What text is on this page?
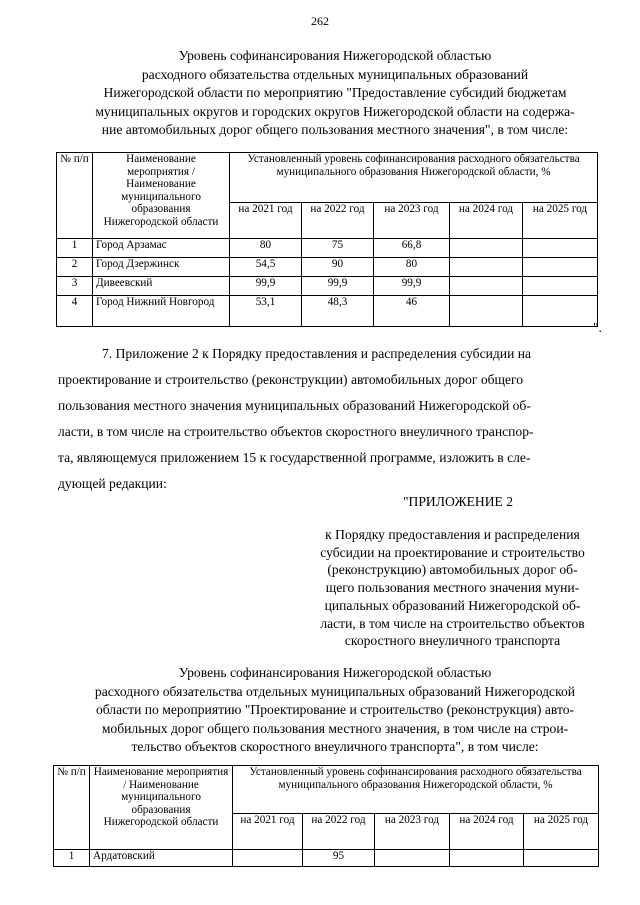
262
Уровень софинансирования Нижегородской областью
расходного обязательства отдельных муниципальных образований
Нижегородской области по мероприятию "Предоставление субсидий бюджетам
муниципальных округов и городских округов Нижегородской области на содержа-
ние автомобильных дорог общего пользования местного значения", в том числе:
№ п/п	Наименование мероприятия / Наименование муниципального образования Нижегородской области	Установленный уровень софинансирования расходного обязательства муниципального образования Нижегородской области, %				
		на 2021 год	на 2022 год	на 2023 год	на 2024 год	на 2025 год
1	Город Арзамас	80	75	66,8		
2	Город Дзержинск	54,5	90	80		
3	Дивеевский	99,9	99,9	99,9		
4	Город Нижний Новгород	53,1	48,3	46		
".
7. Приложение 2 к Порядку предоставления и распределения субсидии на
проектирование и строительство (реконструкции) автомобильных дорог общего
пользования местного значения муниципальных образований Нижегородской об-
ласти, в том числе на строительство объектов скоростного внеуличного транспор-
та, являющемуся приложением 15 к государственной программе, изложить в сле-
дующей редакции:
"ПРИЛОЖЕНИЕ 2
к Порядку предоставления и распределения
субсидии на проектирование и строительство
(реконструкцию) автомобильных дорог об-
щего пользования местного значения муни-
ципальных образований Нижегородской об-
ласти, в том числе на строительство объектов
скоростного внеуличного транспорта
Уровень софинансирования Нижегородской областью
расходного обязательства отдельных муниципальных образований Нижегородской
области по мероприятию "Проектирование и строительство (реконструкция) авто-
мобильных дорог общего пользования местного значения, в том числе на строи-
тельство объектов скоростного внеуличного транспорта", в том числе:
№ п/п	Наименование мероприятия / Наименование муниципального образования Нижегородской области	Установленный уровень софинансирования расходного обязательства муниципального образования Нижегородской области, %				
		на 2021 год	на 2022 год	на 2023 год	на 2024 год	на 2025 год
1	Ардатовский		95			
